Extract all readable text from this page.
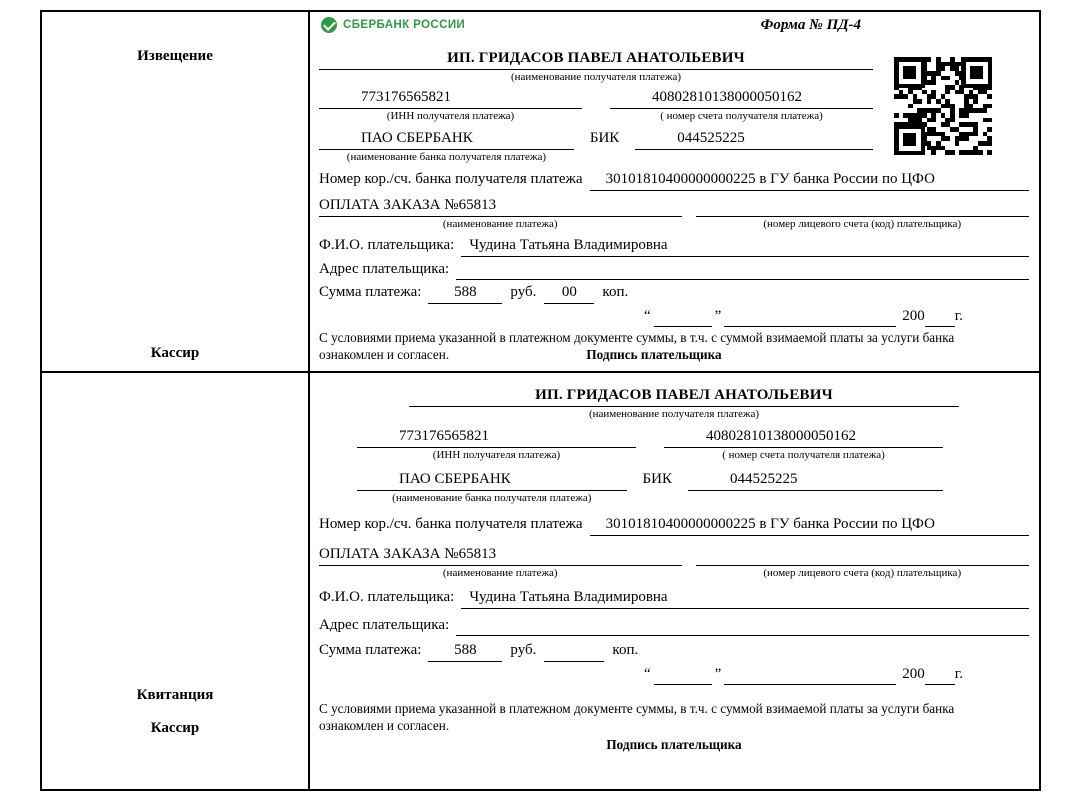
Извещение
Кассир
СБЕРБАНК РОССИИ	Форма № ПД-4
ИП. ГРИДАСОВ ПАВЕЛ АНАТОЛЬЕВИЧ
(наименование получателя платежа)
773176565821	40802810138000050162
(ИНН получателя платежа)	( номер счета получателя платежа)
ПАО СБЕРБАНК	БИК	044525225
(наименование банка получателя платежа)
Номер кор./сч. банка получателя платежа	30101810400000000225 в ГУ банка России по ЦФО
ОПЛАТА ЗАКАЗА №65813
(наименование платежа)	(номер лицевого счета (код) плательщика)
Ф.И.О. плательщика:	Чудина Татьяна Владимировна
Адрес плательщика:
Сумма платежа:	588	руб.	00	коп.
“	”	200 г.
С условиями приема указанной в платежном документе суммы, в т.ч. с суммой взимаемой платы за услуги банка ознакомлен и согласен.	Подпись плательщика
Квитанция
Кассир
ИП. ГРИДАСОВ ПАВЕЛ АНАТОЛЬЕВИЧ
(наименование получателя платежа)
773176565821	40802810138000050162
(ИНН получателя платежа)	( номер счета получателя платежа)
ПАО СБЕРБАНК	БИК	044525225
(наименование банка получателя платежа)
Номер кор./сч. банка получателя платежа	30101810400000000225 в ГУ банка России по ЦФО
ОПЛАТА ЗАКАЗА №65813
(наименование платежа)	(номер лицевого счета (код) плательщика)
Ф.И.О. плательщика:	Чудина Татьяна Владимировна
Адрес плательщика:
Сумма платежа:	588	руб.	коп.
“	”	200 г.
С условиями приема указанной в платежном документе суммы, в т.ч. с суммой взимаемой платы за услуги банка ознакомлен и согласен.
Подпись плательщика
